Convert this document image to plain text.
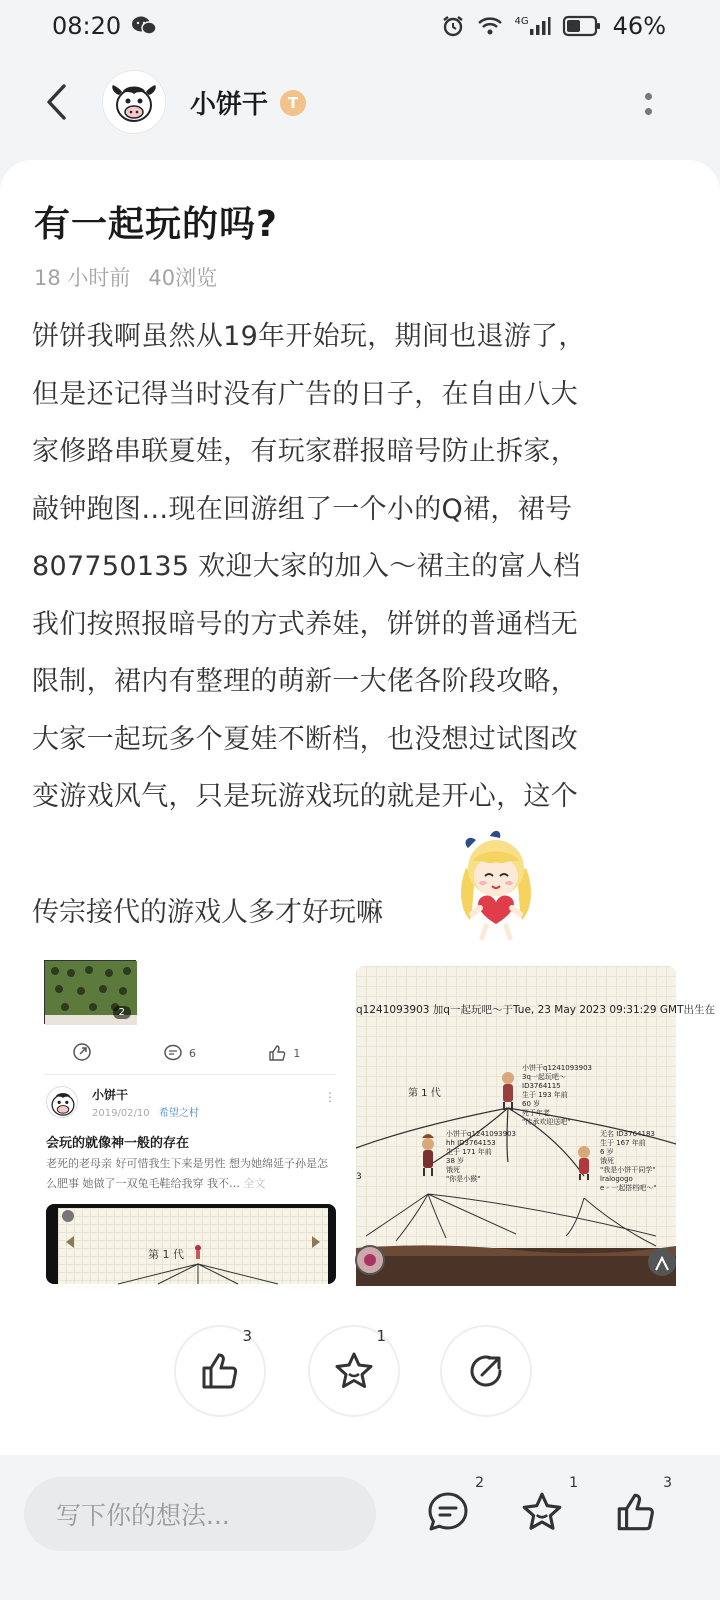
08:20	4G	46%
小饼干	T
有一起玩的吗?
18 小时前 40浏览
饼饼我啊虽然从19年开始玩，期间也退游了，
但是还记得当时没有广告的日子，在自由八大
家修路串联夏娃，有玩家群报暗号防止拆家，
敲钟跑图…现在回游组了一个小的Q裙，裙号
807750135 欢迎大家的加入～裙主的富人档
我们按照报暗号的方式养娃，饼饼的普通档无
限制，裙内有整理的萌新一大佬各阶段攻略，
大家一起玩多个夏娃不断档，也没想过试图改
变游戏风气，只是玩游戏玩的就是开心，这个
传宗接代的游戏人多才好玩嘛
2
6	1
小饼干
2019/02/10 希望之村
⋮
会玩的就像神一般的存在
老死的老母亲 好可惜我生下来是男性 想为她绵延子孙是怎么肥事 她做了一双兔毛鞋给我穿 我不… 全文
第 1 代
q1241093903 加q一起玩吧～于Tue, 23 May 2023 09:31:29 GMT出生在
第 1 代
3
小饼干q1241093903
3q一起玩吧～
ID3764115
生于 193 年前
60 岁
死于年老
"传承欢迎送吧"
小饼干q1241093903
hh ID3764153
生于 171 年前
38 岁
饿死
"你是小猴"
无名 ID3764183
生于 167 年前
6 岁
饿死
"我是小饼干同学"
lralogogo
e - 一起搭档吧～"
3	1
写下你的想法...
2	1	3
